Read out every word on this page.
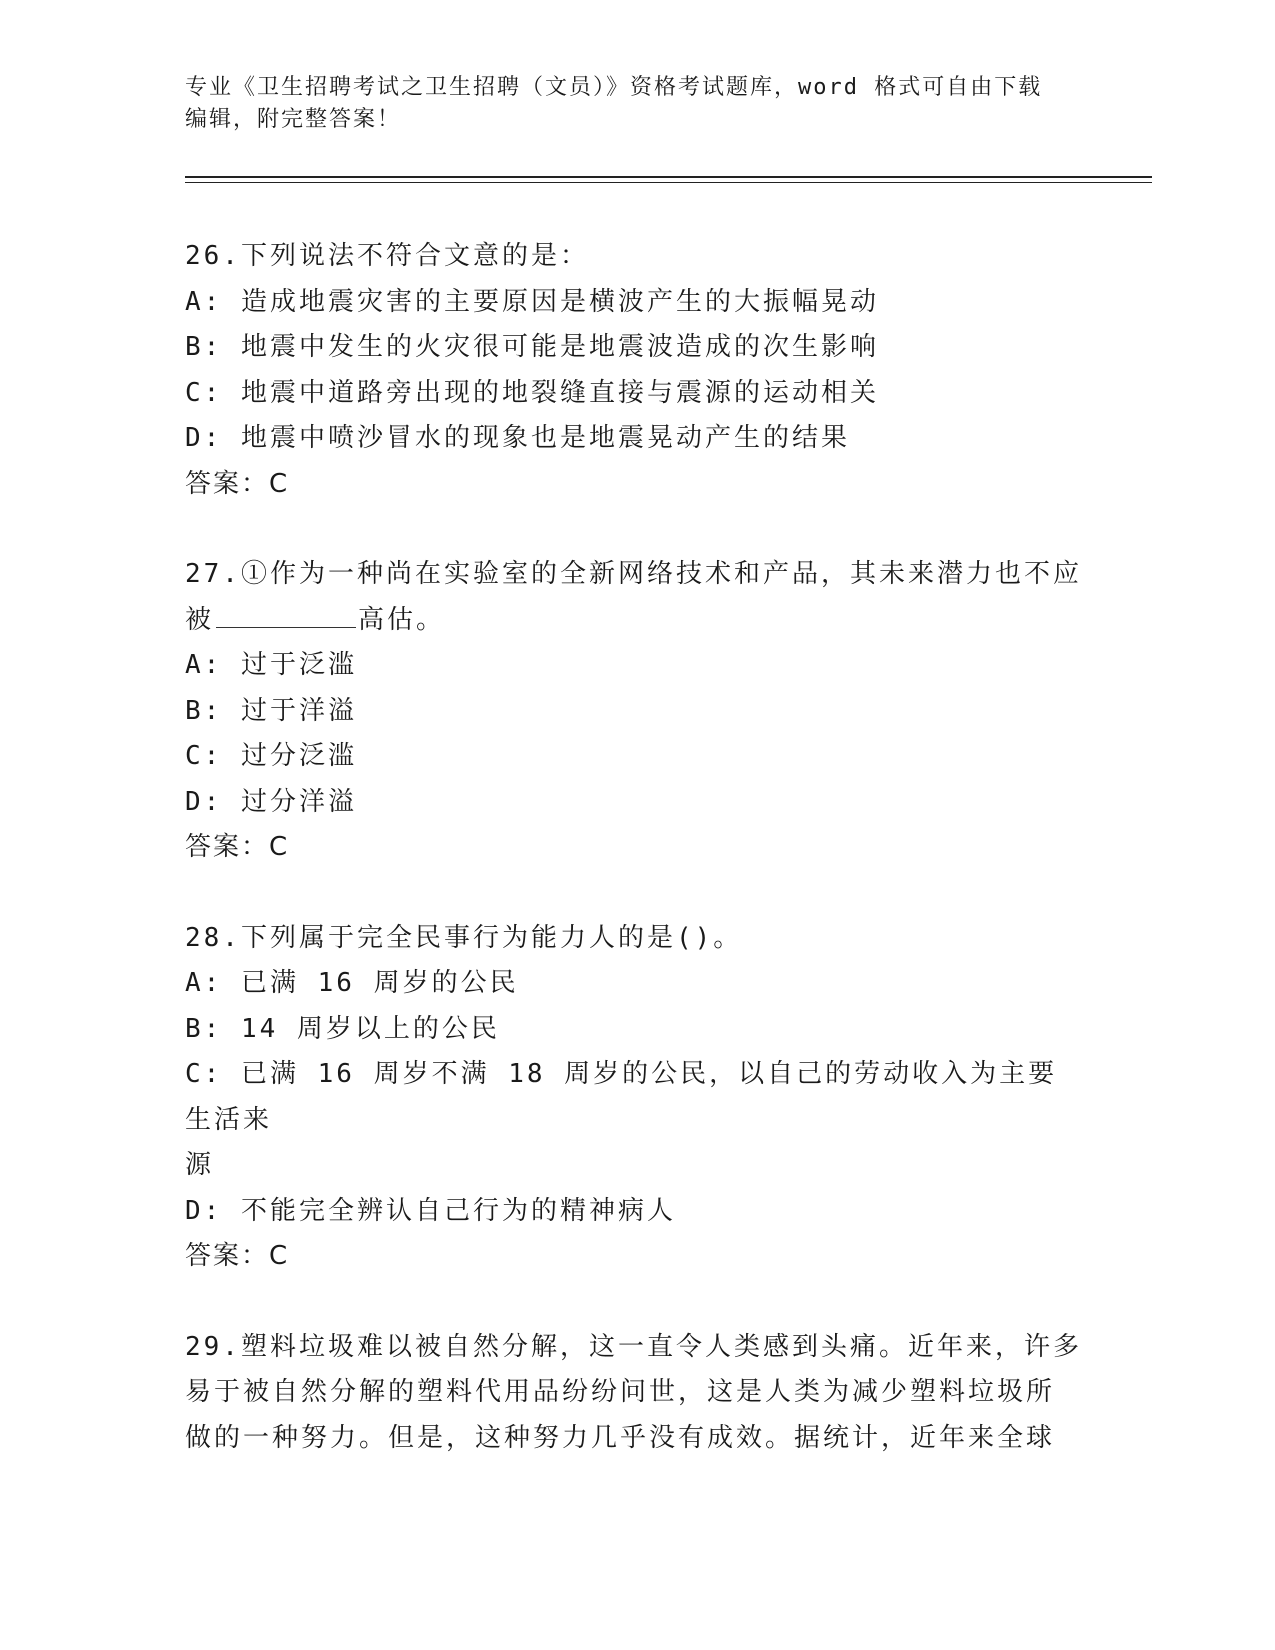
专业《卫生招聘考试之卫生招聘（文员）》资格考试题库，word 格式可自由下载
编辑，附完整答案！
26.下列说法不符合文意的是：
A: 造成地震灾害的主要原因是横波产生的大振幅晃动
B: 地震中发生的火灾很可能是地震波造成的次生影响
C: 地震中道路旁出现的地裂缝直接与震源的运动相关
D: 地震中喷沙冒水的现象也是地震晃动产生的结果
答案：C
27.①作为一种尚在实验室的全新网络技术和产品，其未来潜力也不应
被	高估。
A: 过于泛滥
B: 过于洋溢
C: 过分泛滥
D: 过分洋溢
答案：C
28.下列属于完全民事行为能力人的是()。
A: 已满 16 周岁的公民
B: 14 周岁以上的公民
C: 已满 16 周岁不满 18 周岁的公民，以自己的劳动收入为主要生活来
源
D: 不能完全辨认自己行为的精神病人
答案：C
29.塑料垃圾难以被自然分解，这一直令人类感到头痛。近年来，许多
易于被自然分解的塑料代用品纷纷问世，这是人类为减少塑料垃圾所
做的一种努力。但是，这种努力几乎没有成效。据统计，近年来全球
